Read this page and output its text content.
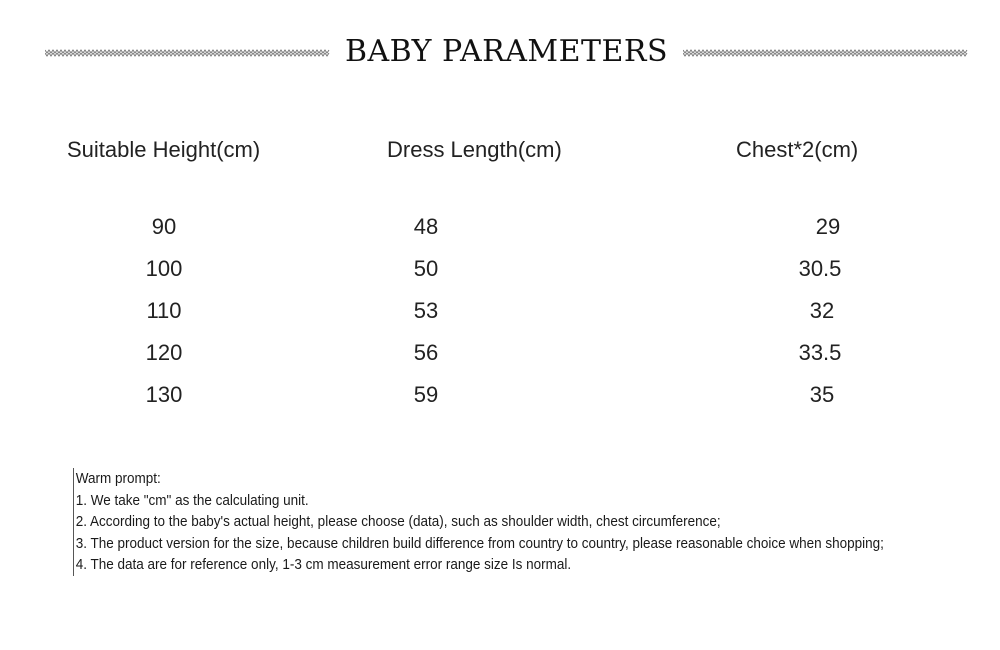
BABY PARAMETERS
Suitable Height(cm)	Dress Length(cm)	Chest*2(cm)
90	48	29
100	50	30.5
110	53	32
120	56	33.5
130	59	35
Warm prompt:
1. We take "cm" as the calculating unit.
2. According to the baby's actual height, please choose (data), such as shoulder width, chest circumference;
3. The product version for the size, because children build difference from country to country, please reasonable choice when shopping;
4. The data are for reference only, 1-3 cm measurement error range size Is normal.
